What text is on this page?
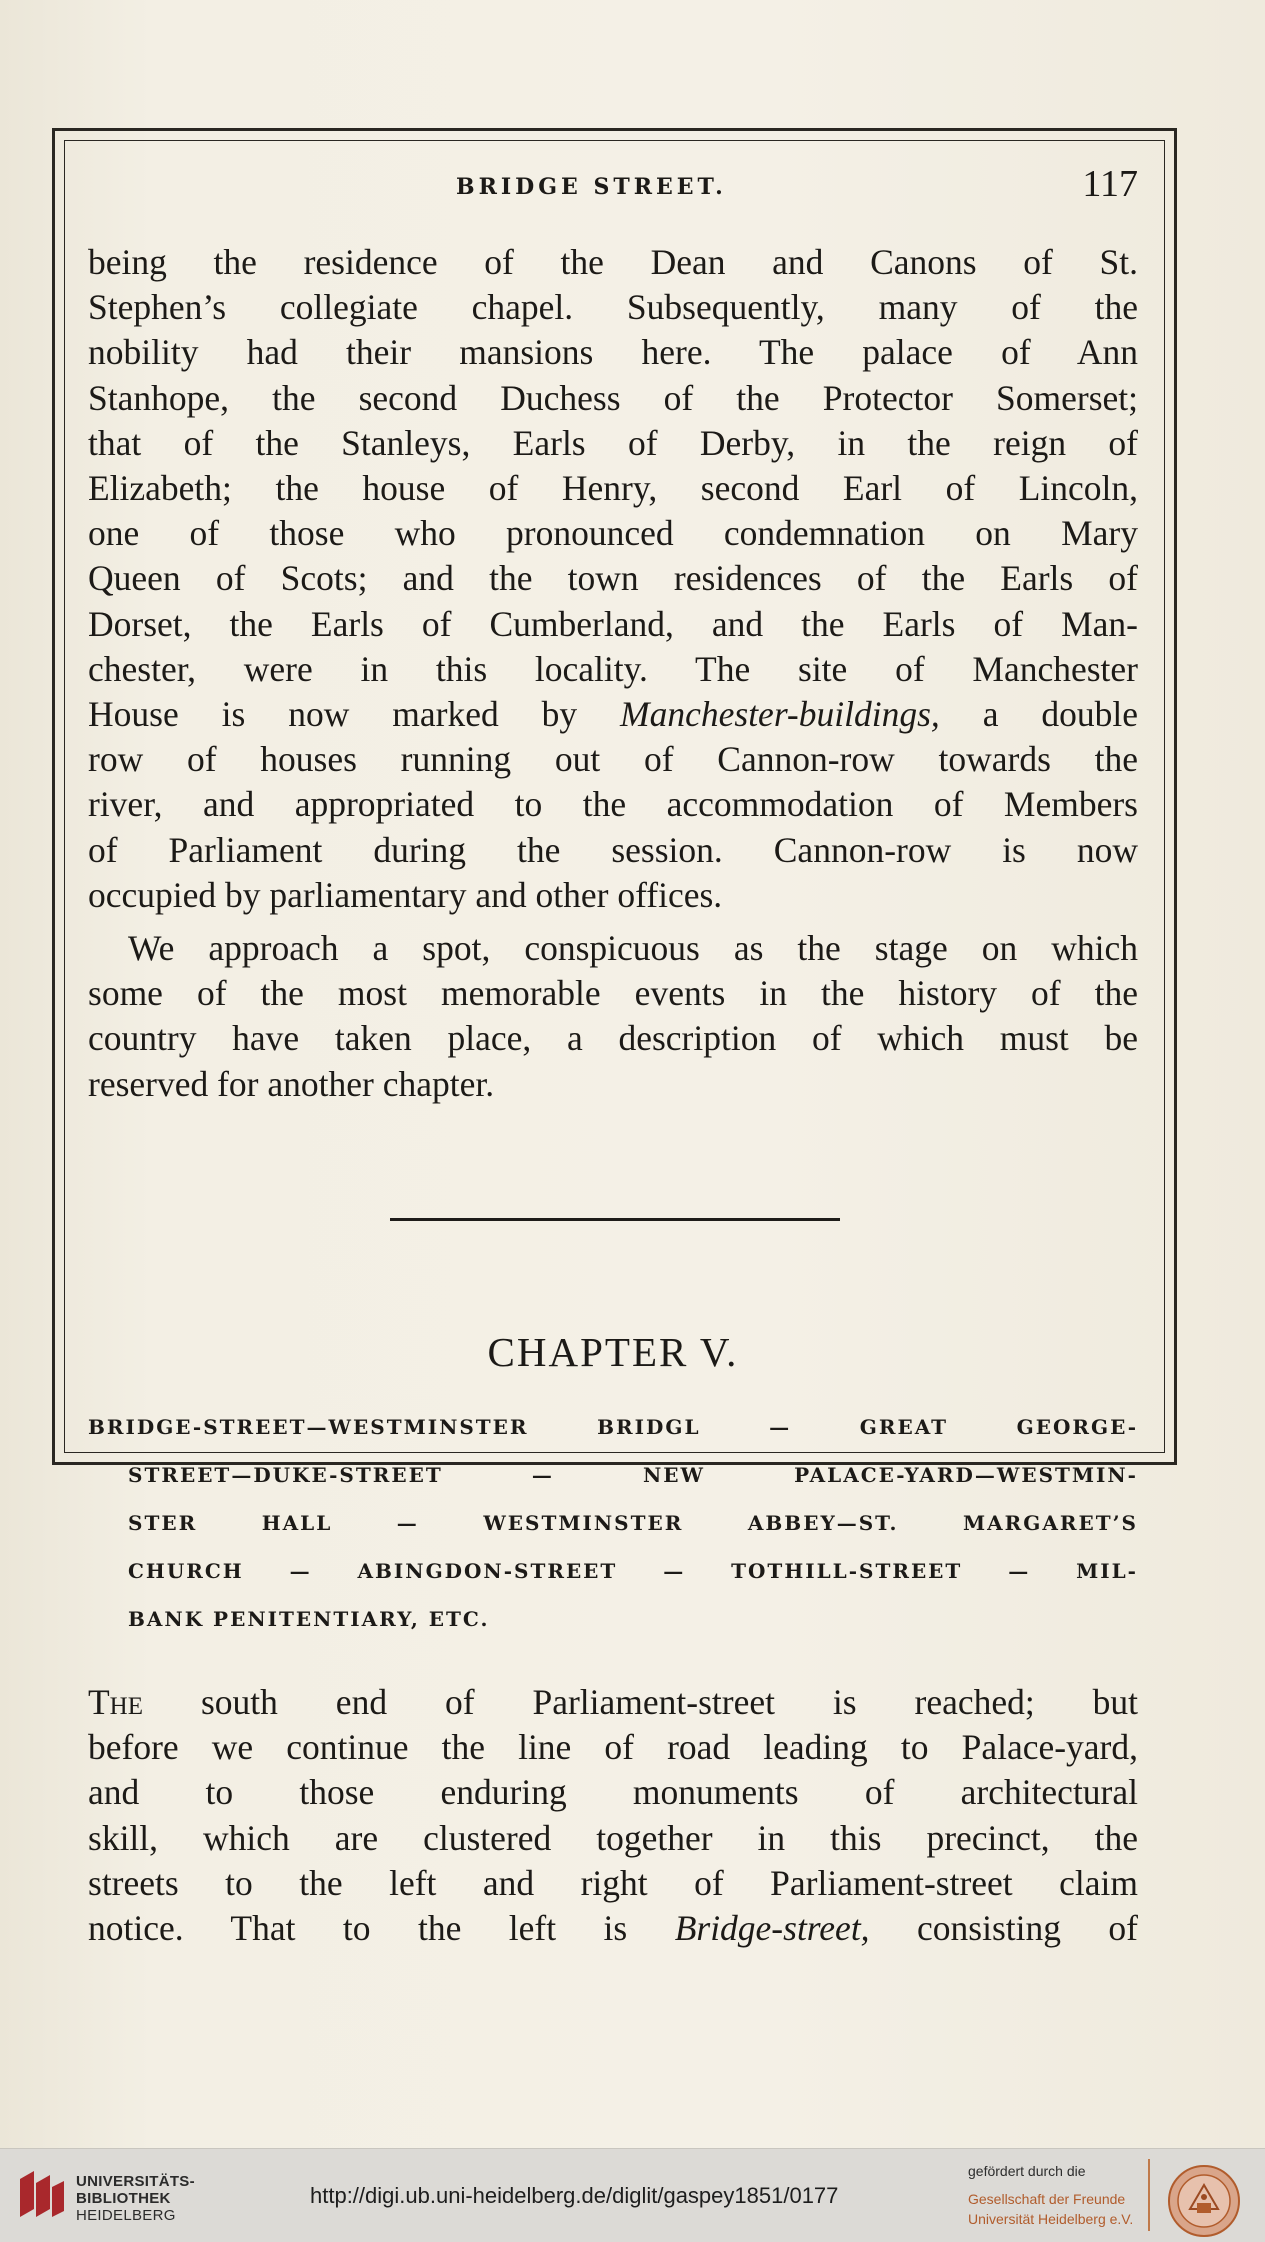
BRIDGE STREET.	117
being the residence of the Dean and Canons of St.
Stephen’s collegiate chapel. Subsequently, many of the
nobility had their mansions here. The palace of Ann
Stanhope, the second Duchess of the Protector Somerset;
that of the Stanleys, Earls of Derby, in the reign of
Elizabeth; the house of Henry, second Earl of Lincoln,
one of those who pronounced condemnation on Mary
Queen of Scots; and the town residences of the Earls of
Dorset, the Earls of Cumberland, and the Earls of Man-
chester, were in this locality. The site of Manchester
House is now marked by Manchester-buildings, a double
row of houses running out of Cannon-row towards the
river, and appropriated to the accommodation of Members
of Parliament during the session. Cannon-row is now
occupied by parliamentary and other offices.
We approach a spot, conspicuous as the stage on which
some of the most memorable events in the history of the
country have taken place, a description of which must be
reserved for another chapter.
CHAPTER V.
BRIDGE-STREET—WESTMINSTER BRIDGL — GREAT GEORGE-
STREET—DUKE-STREET — NEW PALACE-YARD—WESTMIN-
STER HALL — WESTMINSTER ABBEY—ST. MARGARET’S
CHURCH — ABINGDON-STREET — TOTHILL-STREET — MIL-
BANK PENITENTIARY, ETC.
The south end of Parliament-street is reached; but
before we continue the line of road leading to Palace-yard,
and to those enduring monuments of architectural
skill, which are clustered together in this precinct, the
streets to the left and right of Parliament-street claim
notice. That to the left is Bridge-street, consisting of
UNIVERSITÄTS-
BIBLIOTHEK
HEIDELBERG
http://digi.ub.uni-heidelberg.de/diglit/gaspey1851/0177
gefördert durch die
Gesellschaft der Freunde
Universität Heidelberg e.V.
